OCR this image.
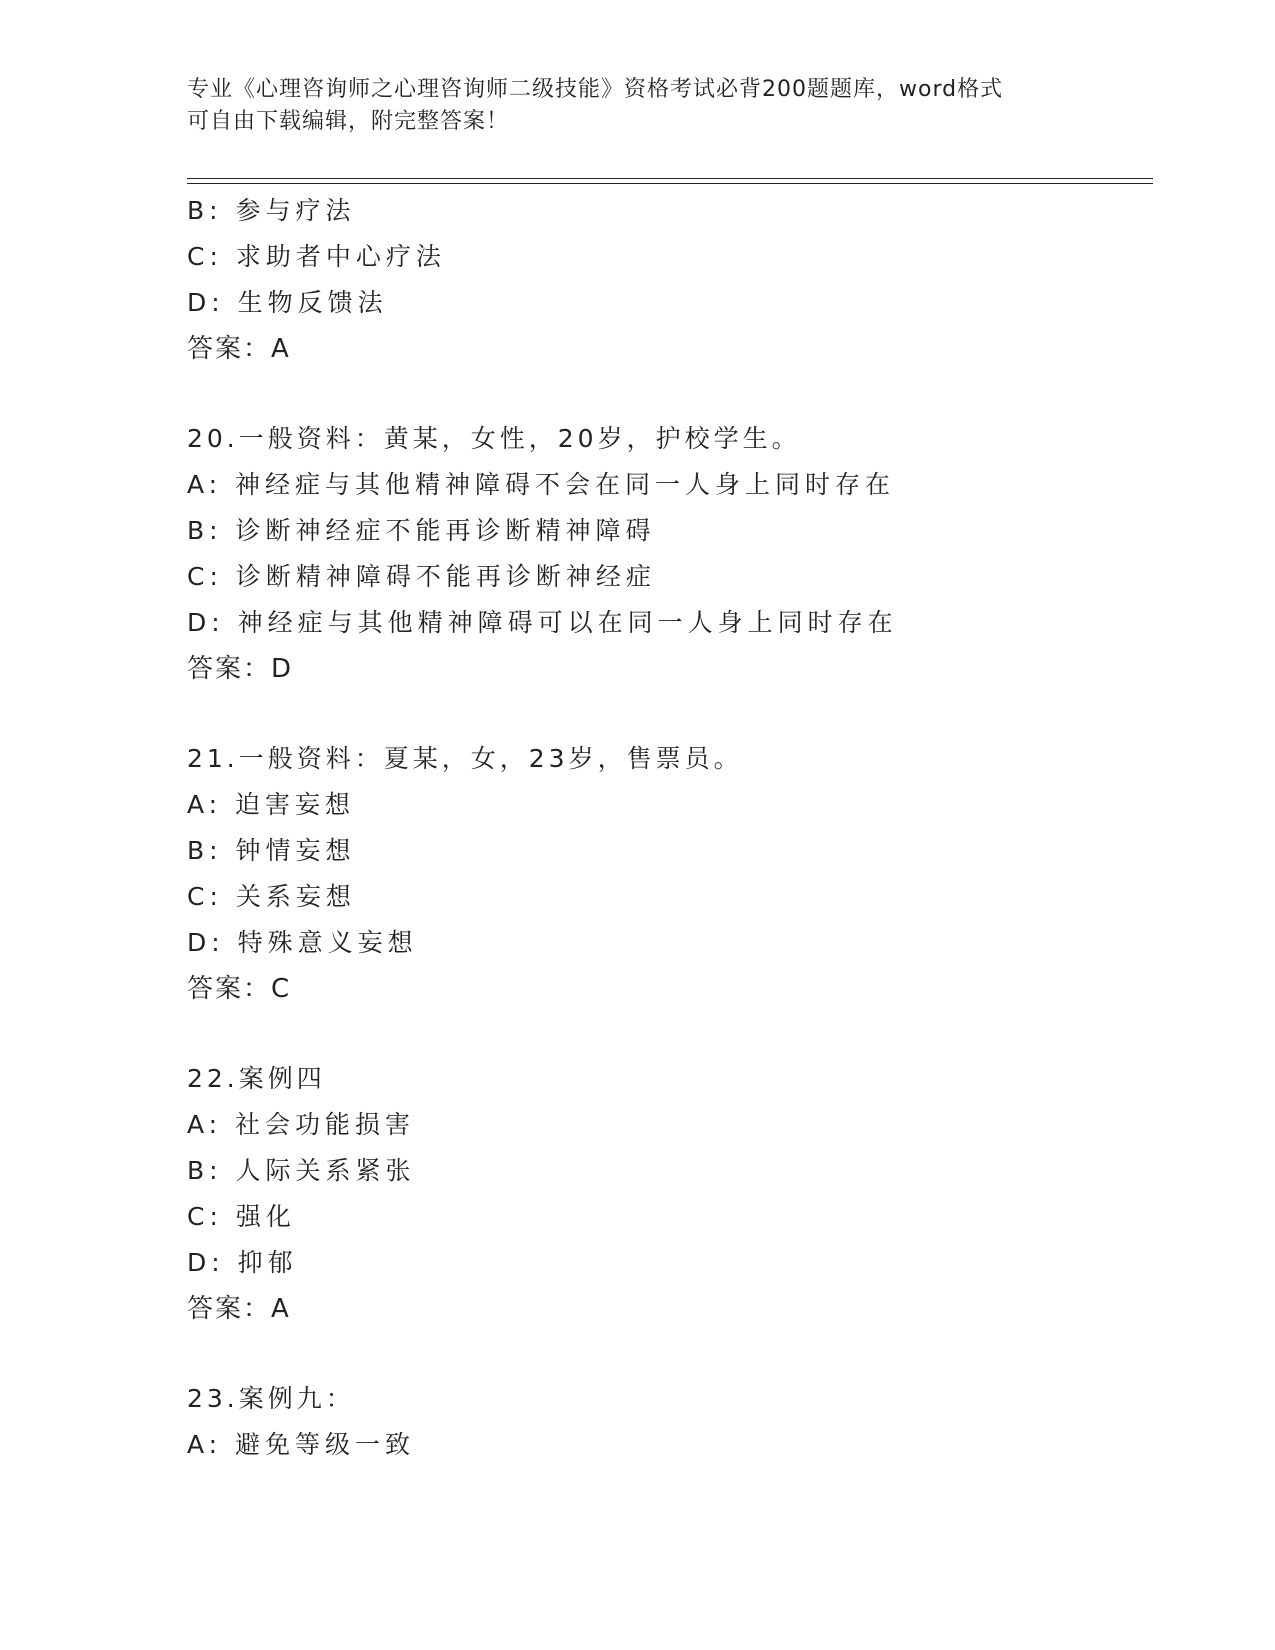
专业《心理咨询师之心理咨询师二级技能》资格考试必背200题题库，word格式
可自由下载编辑，附完整答案！
B: 参与疗法
C: 求助者中心疗法
D: 生物反馈法
答案：A
20.一般资料：黄某，女性，20岁，护校学生。
A: 神经症与其他精神障碍不会在同一人身上同时存在
B: 诊断神经症不能再诊断精神障碍
C: 诊断精神障碍不能再诊断神经症
D: 神经症与其他精神障碍可以在同一人身上同时存在
答案：D
21.一般资料：夏某，女，23岁，售票员。
A: 迫害妄想
B: 钟情妄想
C: 关系妄想
D: 特殊意义妄想
答案：C
22.案例四
A: 社会功能损害
B: 人际关系紧张
C: 强化
D: 抑郁
答案：A
23.案例九：
A: 避免等级一致
